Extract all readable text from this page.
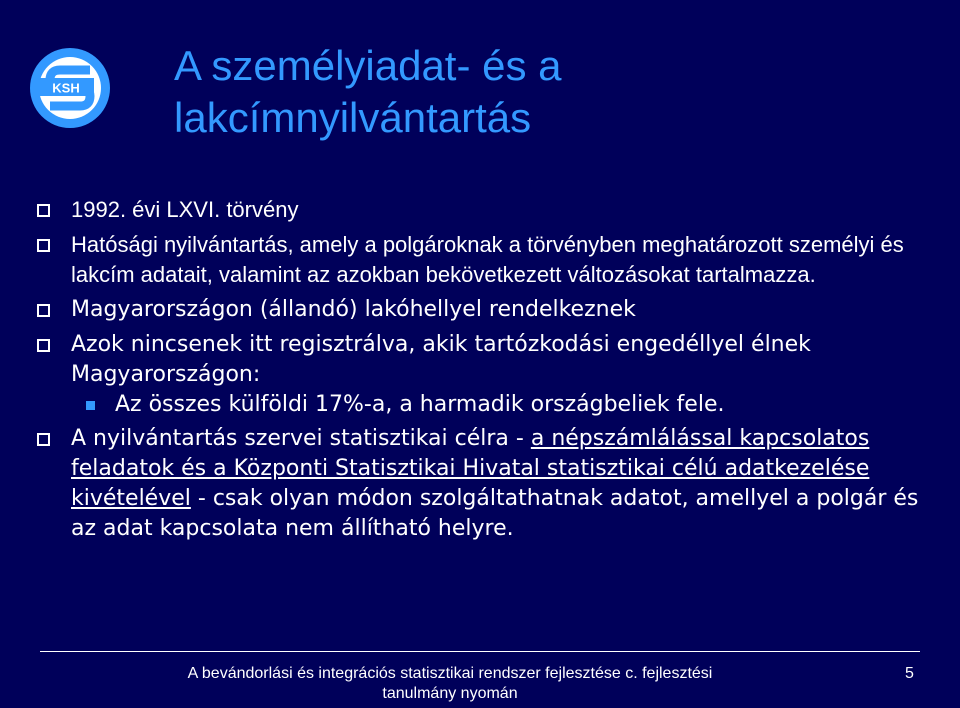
KSH A személyiadat- és a
lakcímnyilvántartás
1992. évi LXVI. törvény
Hatósági nyilvántartás, amely a polgároknak a törvényben meghatározott személyi és lakcím adatait, valamint az azokban bekövetkezett változásokat tartalmazza.
Magyarországon (állandó) lakóhellyel rendelkeznek
Azok nincsenek itt regisztrálva, akik tartózkodási engedéllyel élnek Magyarországon:
Az összes külföldi 17%-a, a harmadik országbeliek fele.
A nyilvántartás szervei statisztikai célra - a népszámlálással kapcsolatos feladatok és a Központi Statisztikai Hivatal statisztikai célú adatkezelése kivételével - csak olyan módon szolgáltathatnak adatot, amellyel a polgár és az adat kapcsolata nem állítható helyre.
A bevándorlási és integrációs statisztikai rendszer fejlesztése c. fejlesztési
tanulmány nyomán
5
